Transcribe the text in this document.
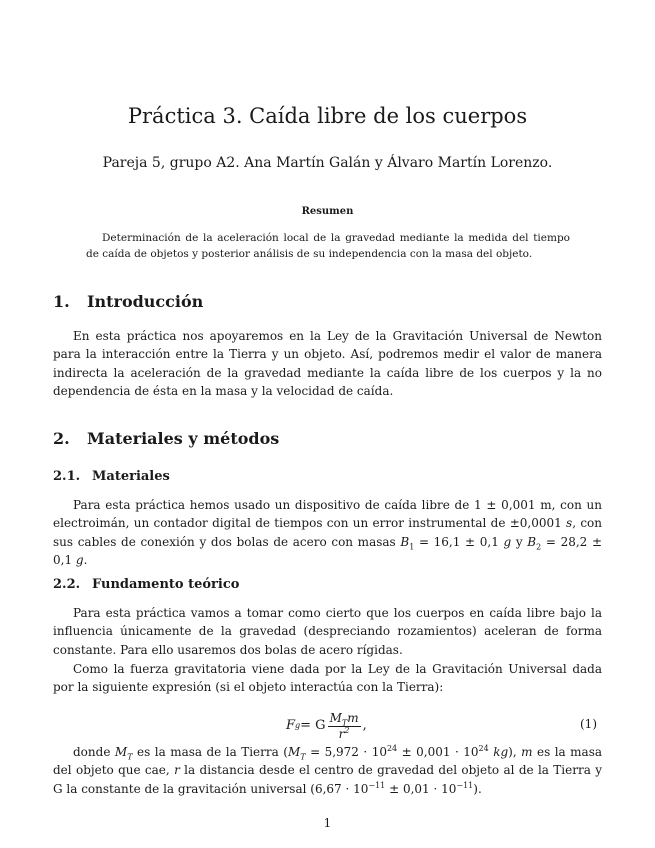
Práctica 3. Caída libre de los cuerpos
Pareja 5, grupo A2. Ana Martín Galán y Álvaro Martín Lorenzo.
Resumen
Determinación de la aceleración local de la gravedad mediante la medida del tiempo de caída de objetos y posterior análisis de su independencia con la masa del objeto.
1. Introducción
En esta práctica nos apoyaremos en la Ley de la Gravitación Universal de Newton para la interacción entre la Tierra y un objeto. Así, podremos medir el valor de manera indirecta la aceleración de la gravedad mediante la caída libre de los cuerpos y la no dependencia de ésta en la masa y la velocidad de caída.
2. Materiales y métodos
2.1. Materiales
Para esta práctica hemos usado un dispositivo de caída libre de 1 ± 0,001 m, con un electroimán, un contador digital de tiempos con un error instrumental de ±0,0001 s, con sus cables de conexión y dos bolas de acero con masas $B_1 = 16,1 \pm 0,1$ g y $B_2 = 28,2 \pm 0,1$ g.
2.2. Fundamento teórico
Para esta práctica vamos a tomar como cierto que los cuerpos en caída libre bajo la influencia únicamente de la gravedad (despreciando rozamientos) aceleran de forma constante. Para ello usaremos dos bolas de acero rígidas.
Como la fuerza gravitatoria viene dada por la Ley de la Gravitación Universal dada por la siguiente expresión (si el objeto interactúa con la Tierra):
F g = G $\frac{M_Tm}{r^2}$ ,	(1)
donde $M_T$ es la masa de la Tierra ($M_T = 5,972 \cdot 10^{24} \pm 0,001 \cdot 10^{24}$ kg), m es la masa del objeto que cae, r la distancia desde el centro de gravedad del objeto al de la Tierra y G la constante de la gravitación universal $(6,67 \cdot 10^{-11} \pm 0,01 \cdot 10^{-11})$.
1
